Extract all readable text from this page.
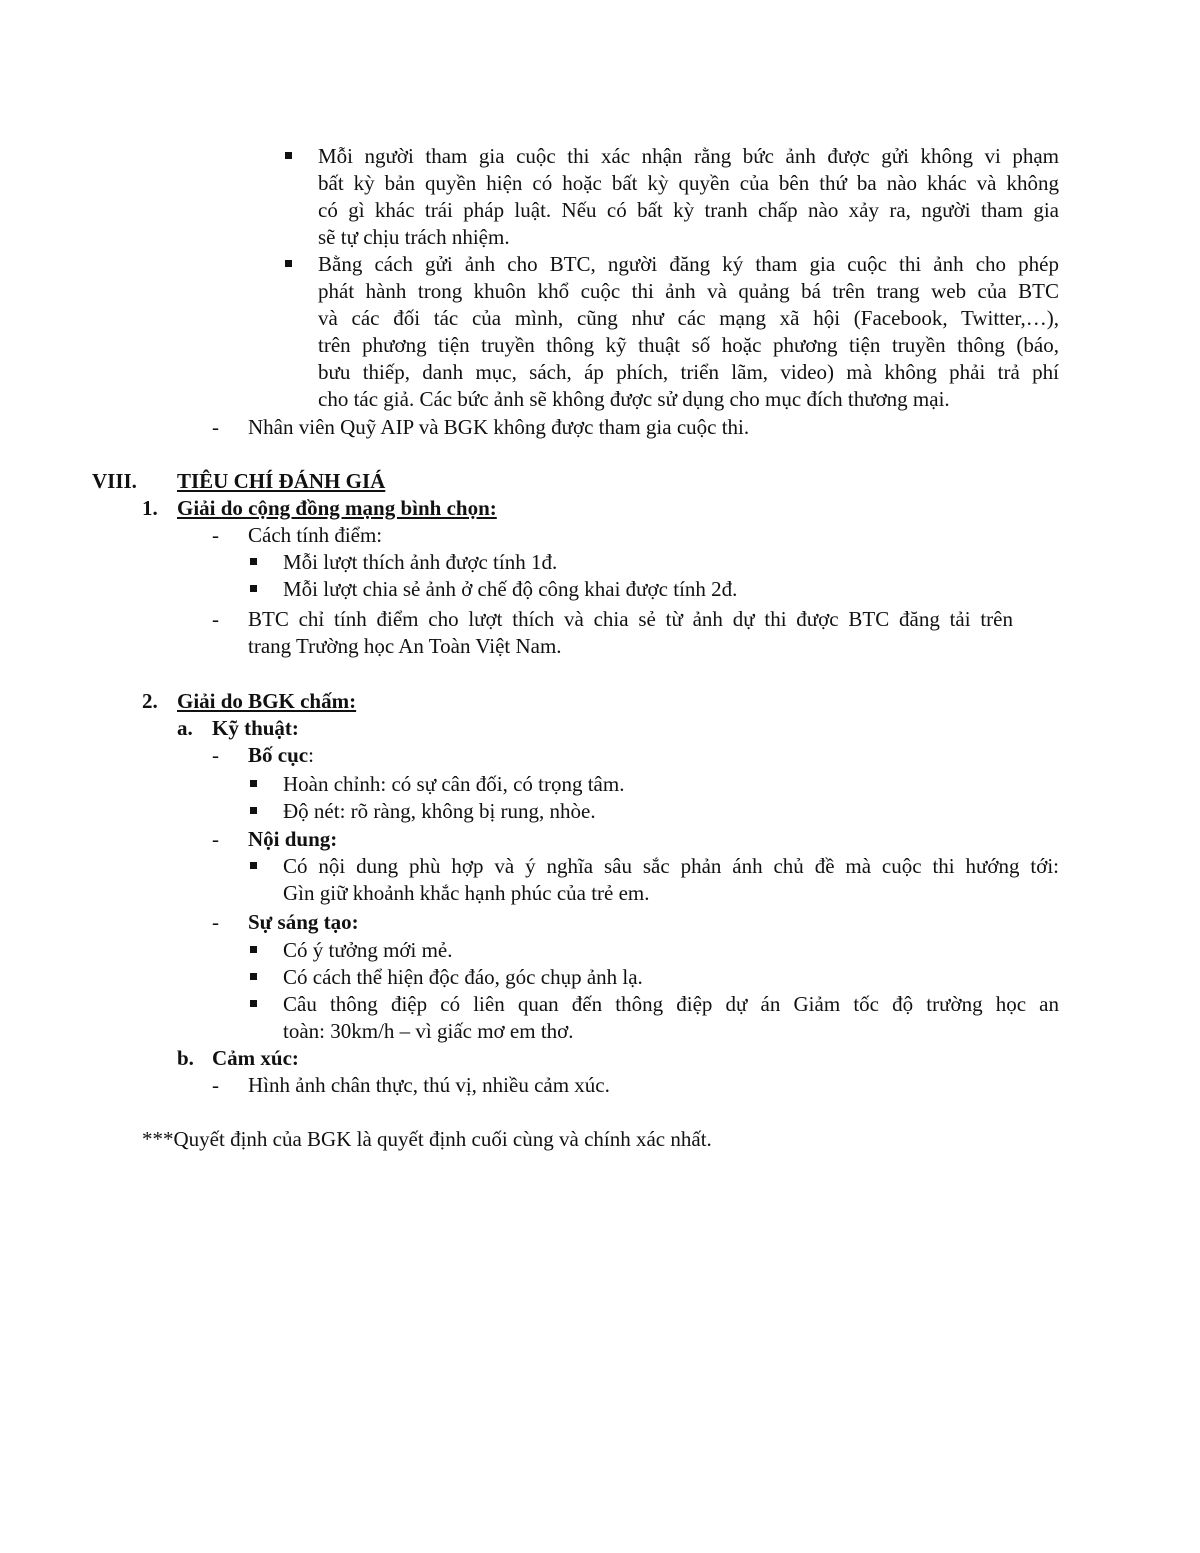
Mỗi người tham gia cuộc thi xác nhận rằng bức ảnh được gửi không vi phạm
bất kỳ bản quyền hiện có hoặc bất kỳ quyền của bên thứ ba nào khác và không
có gì khác trái pháp luật. Nếu có bất kỳ tranh chấp nào xảy ra, người tham gia
sẽ tự chịu trách nhiệm.
Bằng cách gửi ảnh cho BTC, người đăng ký tham gia cuộc thi ảnh cho phép
phát hành trong khuôn khổ cuộc thi ảnh và quảng bá trên trang web của BTC
và các đối tác của mình, cũng như các mạng xã hội (Facebook, Twitter,…),
trên phương tiện truyền thông kỹ thuật số hoặc phương tiện truyền thông (báo,
bưu thiếp, danh mục, sách, áp phích, triển lãm, video) mà không phải trả phí
cho tác giả. Các bức ảnh sẽ không được sử dụng cho mục đích thương mại.
- Nhân viên Quỹ AIP và BGK không được tham gia cuộc thi.
VIII. TIÊU CHÍ ĐÁNH GIÁ
1. Giải do cộng đồng mạng bình chọn:
- Cách tính điểm:
Mỗi lượt thích ảnh được tính 1đ.
Mỗi lượt chia sẻ ảnh ở chế độ công khai được tính 2đ.
- BTC chỉ tính điểm cho lượt thích và chia sẻ từ ảnh dự thi được BTC đăng tải trên
trang Trường học An Toàn Việt Nam.
2. Giải do BGK chấm:
a. Kỹ thuật:
- Bố cục:
Hoàn chỉnh: có sự cân đối, có trọng tâm.
Độ nét: rõ ràng, không bị rung, nhòe.
- Nội dung:
Có nội dung phù hợp và ý nghĩa sâu sắc phản ánh chủ đề mà cuộc thi hướng tới:
Gìn giữ khoảnh khắc hạnh phúc của trẻ em.
- Sự sáng tạo:
Có ý tưởng mới mẻ.
Có cách thể hiện độc đáo, góc chụp ảnh lạ.
Câu thông điệp có liên quan đến thông điệp dự án Giảm tốc độ trường học an
toàn: 30km/h – vì giấc mơ em thơ.
b. Cảm xúc:
- Hình ảnh chân thực, thú vị, nhiều cảm xúc.
***Quyết định của BGK là quyết định cuối cùng và chính xác nhất.
